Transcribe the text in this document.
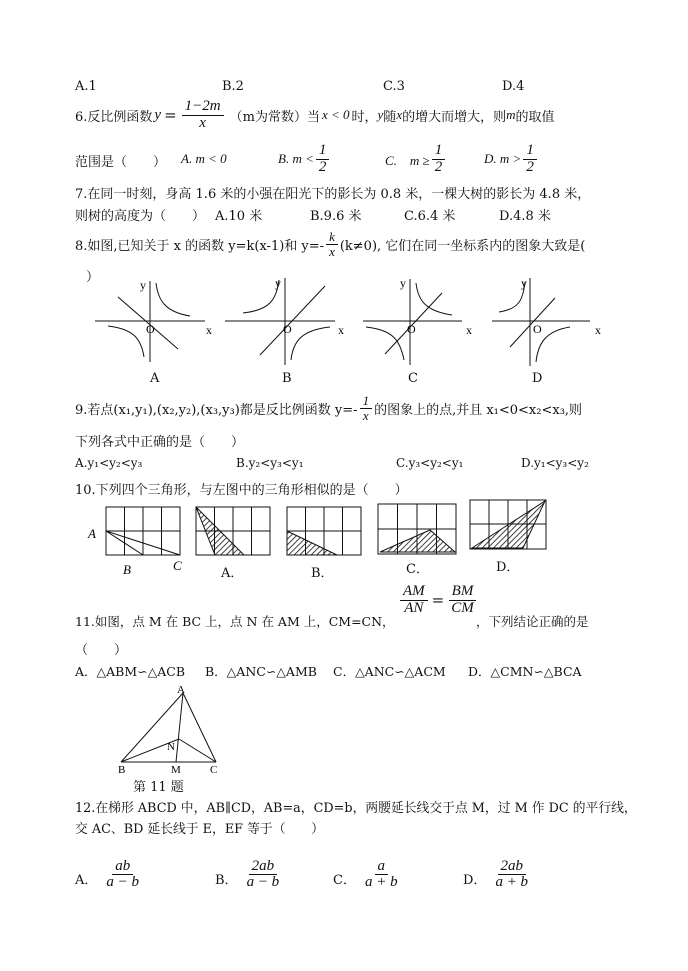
A.1	B.2	C.3	D.4
6.反比例函数 $y = \frac{1-2m}{x} (m$为常数）当 x < 0 时， y 随 x 的增大而增大，则 m 的取值
范围是（　　） A. m < 0	B. $m < \frac{1}{2}$	C.　$m \ge \frac{1}{2}$	D. $m > \frac{1}{2}$
7.在同一时刻，身高 1.6 米的小强在阳光下的影长为 0.8 米，一棵大树的影长为 4.8 米，
则树的高度为（　　） A.10 米	B.9.6 米	C.6.4 米	D.4.8 米
8.如图,已知关于 x 的函数 y=k(x-1)和 $y=- \frac{k}{x} (k\ne 0)$, 它们在同一坐标系内的图象大致是(
）	y
O	x
y
O	x
y
O	x
y
O	x
A	B	C	D
9.若点(x₁,y₁),(x₂,y₂),(x₃,y₃)都是反比例函数 $y=- \frac{1}{x}$ 的图象上的点,并且 x₁<0<x₂<x₃,则
下列各式中正确的是（　　）
A.y₁<y₂<y₃	B.y₂<y₃<y₁	C.y₃<y₂<y₁	D.y₁<y₃<y₂
10.下列四个三角形，与左图中的三角形相似的是（　　）
A
B	C
A．	B．	C．	D．
$\frac{AM}{AN} = \frac{BM}{CM}$
11.如图，点 M 在 BC 上，点 N 在 AM 上，CM=CN，	，下列结论正确的是
（　　）
A．△ABM∽△ACB B．△ANC∽△AMB C．△ANC∽△ACM D．△CMN∽△BCA
A
N
B	M	C
第 11 题
12.在梯形 ABCD 中，AB∥CD，AB=a，CD=b，两腰延长线交于点 M，过 M 作 DC 的平行线，
交 AC、BD 延长线于 E，EF 等于（　　）
A． $\frac{ab}{a - b}$	B． $\frac{2ab}{a - b}$	C． $\frac{a}{a + b}$	D． $\frac{2ab}{a + b}$
